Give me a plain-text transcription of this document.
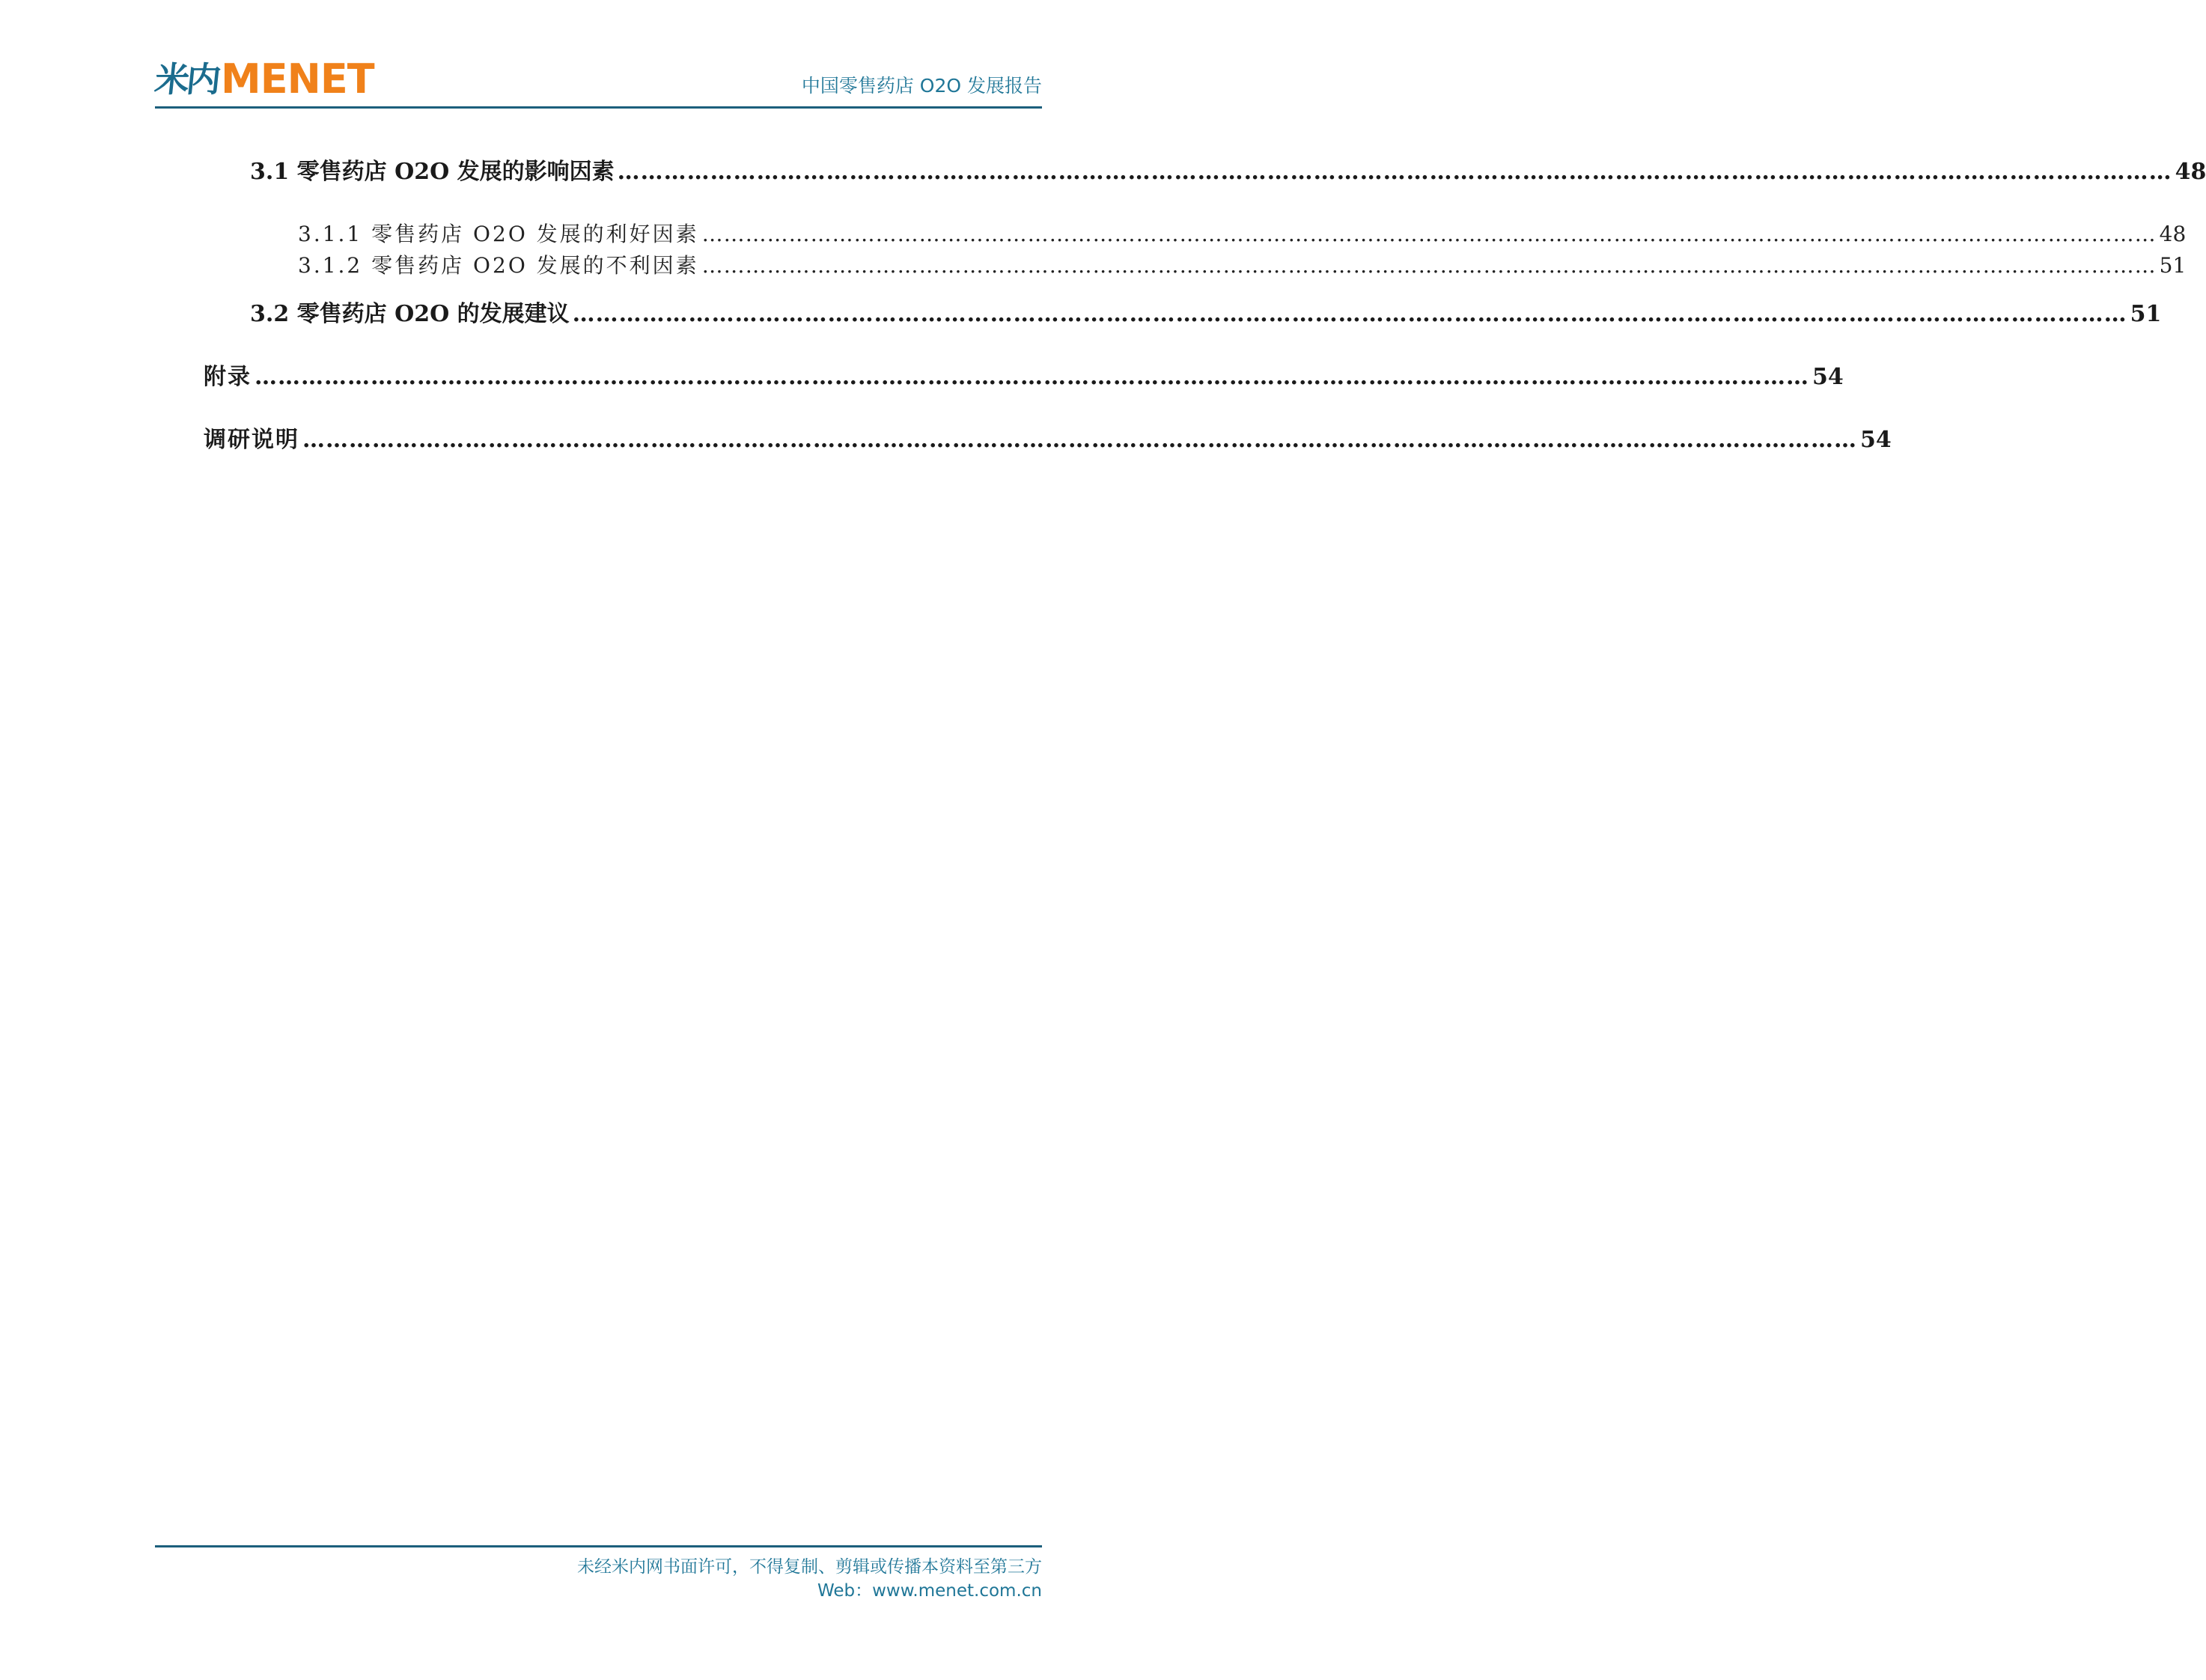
米内 MENET	中国零售药店 O2O 发展报告
3.1 零售药店 O2O 发展的影响因素 ………………………………………………………………………………………………………………………………………………………………………………… 48
3.1.1 零售药店 O2O 发展的利好因素 ………………………………………………………………………………………………………………………………………………………………………………… 48
3.1.2 零售药店 O2O 发展的不利因素 ………………………………………………………………………………………………………………………………………………………………………………… 51
3.2 零售药店 O2O 的发展建议 ………………………………………………………………………………………………………………………………………………………………………………… 51
附录 ………………………………………………………………………………………………………………………………………………………………………………… 54
调研说明 ………………………………………………………………………………………………………………………………………………………………………………… 54
未经米内网书面许可，不得复制、剪辑或传播本资料至第三方
Web：www.menet.com.cn
